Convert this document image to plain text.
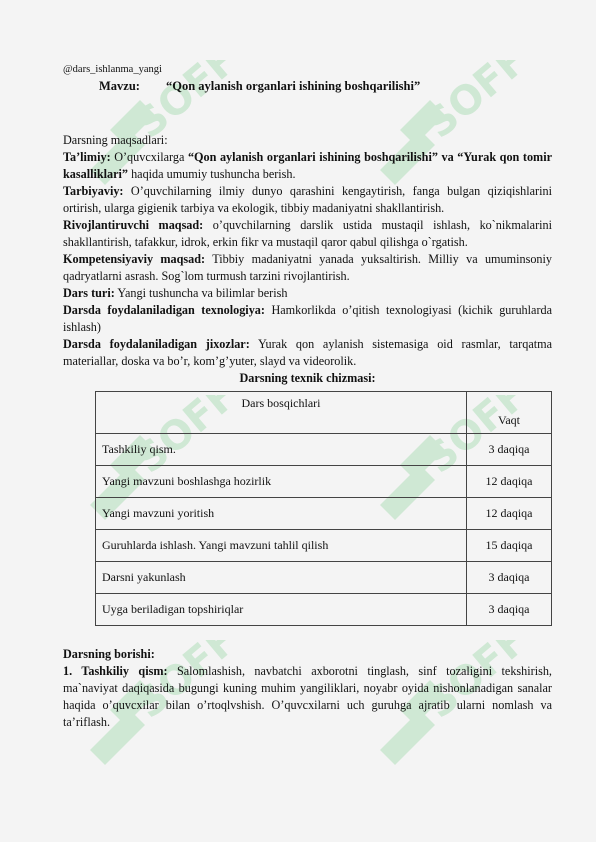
SOFF	SOFF
SOFF	SOFF
SOFF	SOFF
@dars_ishlanma_yangi
Mavzu: “Qon aylanish organlari ishining boshqarilishi”

Darsning maqsadlari:

Ta’limiy: O’quvcxilarga “Qon aylanish organlari ishining boshqarilishi” va “Yurak qon tomir kasalliklari” haqida umumiy tushuncha berish.

Tarbiyaviy: O’quvchilarning ilmiy dunyo qarashini kengaytirish, fanga bulgan qiziqishlarini ortirish, ularga gigienik tarbiya va ekologik, tibbiy madaniyatni shakllantirish.

Rivojlantiruvchi maqsad: o’quvchilarning darslik ustida mustaqil ishlash, ko`nikmalarini shakllantirish, tafakkur, idrok, erkin fikr va mustaqil qaror qabul qilishga o`rgatish.

Kompetensiyaviy maqsad: Tibbiy madaniyatni yanada yuksaltirish. Milliy va umuminsoniy qadryatlarni asrash. Sog`lom turmush tarzini rivojlantirish.

Dars turi: Yangi tushuncha va bilimlar berish

Darsda foydalaniladigan texnologiya: Hamkorlikda o’qitish texnologiyasi (kichik guruhlarda ishlash)

Darsda foydalaniladigan jixozlar: Yurak qon aylanish sistemasiga oid rasmlar, tarqatma materiallar, doska va bo’r, kom’g’yuter, slayd va videorolik.

Darsning texnik chizmasi:

Dars bosqichlari	Vaqt
Tashkiliy qism.	3 daqiqa
Yangi mavzuni boshlashga hozirlik	12 daqiqa
Yangi mavzuni yoritish	12 daqiqa
Guruhlarda ishlash. Yangi mavzuni tahlil qilish	15 daqiqa
Darsni yakunlash	3 daqiqa
Uyga beriladigan topshiriqlar	3 daqiqa

Darsning borishi:

1. Tashkiliy qism: Salomlashish, navbatchi axborotni tinglash, sinf tozaligini tekshirish, ma`naviyat daqiqasida bugungi kuning muhim yangiliklari, noyabr oyida nishonlanadigan sanalar haqida o’quvcxilar bilan o’rtoqlvshish. O’quvcxilarni uch guruhga ajratib ularni nomlash va ta’riflash.
